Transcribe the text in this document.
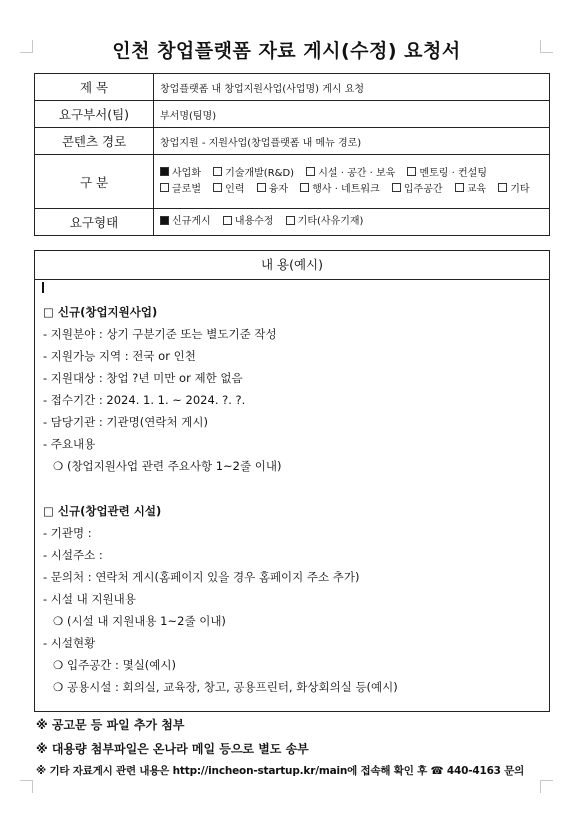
인천 창업플랫폼 자료 게시(수정) 요청서
제 목	창업플랫폼 내 창업지원사업(사업명) 게시 요청
요구부서(팀)	부서명(팀명)
콘텐츠 경로	창업지원 - 지원사업(창업플랫폼 내 메뉴 경로)
구 분	사업화 기술개발(R&D) 시설 · 공간 · 보육 멘토링 · 컨설팅 글로벌 인력 융자 행사 · 네트워크 입주공간 교육 기타
요구형태	신규게시 내용수정 기타(사유기재)
내 용(예시)
□ 신규(창업지원사업)
- 지원분야 : 상기 구분기준 또는 별도기준 작성
- 지원가능 지역 : 전국 or 인천
- 지원대상 : 창업 ?년 미만 or 제한 없음
- 접수기간 : 2024. 1. 1. ~ 2024. ?. ?.
- 담당기관 : 기관명(연락처 게시)
- 주요내용
❍ (창업지원사업 관련 주요사항 1~2줄 이내)
□ 신규(창업관련 시설)
- 기관명 :
- 시설주소 :
- 문의처 : 연락처 게시(홈페이지 있을 경우 홈페이지 주소 추가)
- 시설 내 지원내용
❍ (시설 내 지원내용 1~2줄 이내)
- 시설현황
❍ 입주공간 : 몇실(예시)
❍ 공용시설 : 회의실, 교육장, 창고, 공용프린터, 화상회의실 등(예시)
※ 공고문 등 파일 추가 첨부
※ 대용량 첨부파일은 온나라 메일 등으로 별도 송부
※ 기타 자료게시 관련 내용은 http://incheon-startup.kr/main에 접속해 확인 후 ☎ 440-4163 문의
